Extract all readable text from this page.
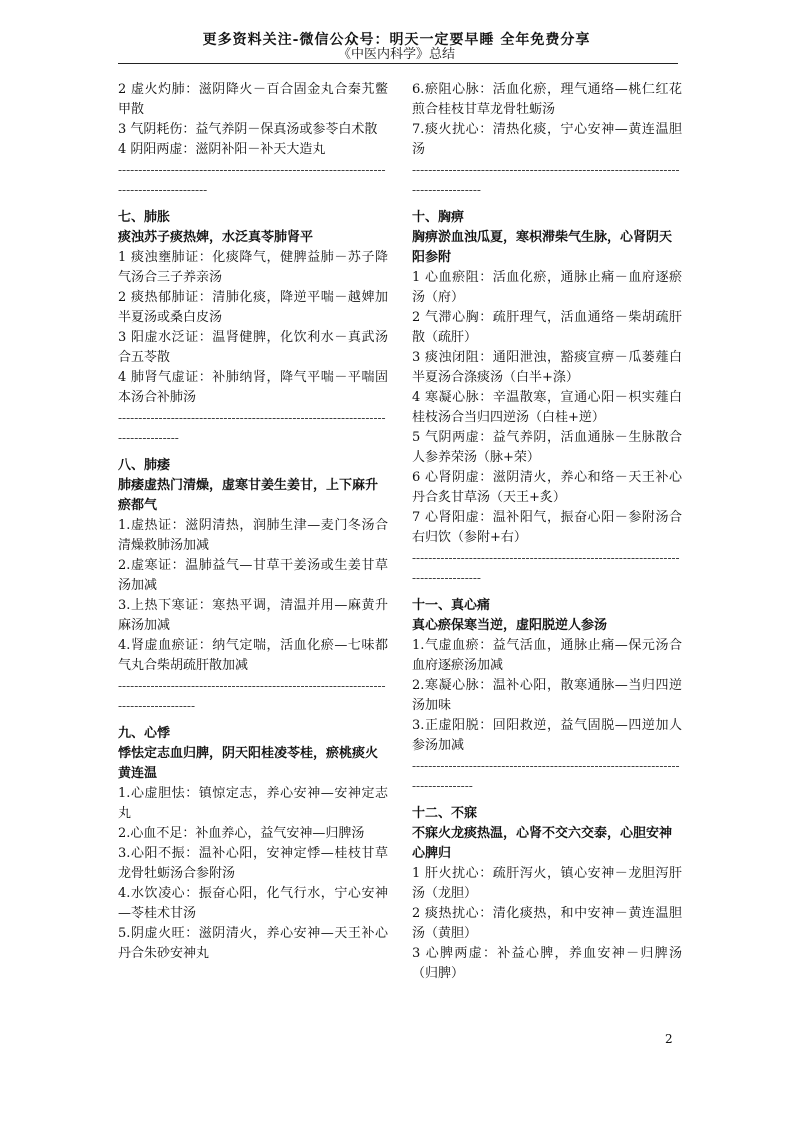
更多资料关注-微信公众号：明天一定要早睡 全年免费分享
《中医内科学》总结

2 虚火灼肺：滋阴降火－百合固金丸合秦艽鳖甲散

3 气阴耗伤：益气养阴－保真汤或参苓白术散

4 阴阳两虚：滋阴补阳－补天大造丸

----------------------------------------------------------------------------------------

七、肺胀

痰浊苏子痰热婢，水泛真苓肺肾平

1 痰浊壅肺证：化痰降气，健脾益肺－苏子降气汤合三子养亲汤

2 痰热郁肺证：清肺化痰，降逆平喘－越婢加半夏汤或桑白皮汤

3 阳虚水泛证：温肾健脾，化饮利水－真武汤合五苓散

4 肺肾气虚证：补肺纳肾，降气平喘－平喘固本汤合补肺汤

---------------------------------------------------------------------------------

八、肺痿

肺痿虚热门清燥，虚寒甘姜生姜甘，上下麻升瘀都气

1.虚热证：滋阴清热，润肺生津—麦门冬汤合清燥救肺汤加减

2.虚寒证：温肺益气—甘草干姜汤或生姜甘草汤加减

3.上热下寒证：寒热平调，清温并用—麻黄升麻汤加减

4.肾虚血瘀证：纳气定喘，活血化瘀—七味都气丸合柴胡疏肝散加减

-------------------------------------------------------------------------------------

九、心悸

悸怯定志血归脾，阴天阳桂凌苓桂，瘀桃痰火黄连温

1.心虚胆怯：镇惊定志，养心安神—安神定志丸

2.心血不足：补血养心，益气安神—归脾汤

3.心阳不振：温补心阳，安神定悸—桂枝甘草龙骨牡蛎汤合参附汤

4.水饮凌心：振奋心阳，化气行水，宁心安神—苓桂术甘汤

5.阴虚火旺：滋阴清火，养心安神—天王补心丹合朱砂安神丸

6.瘀阻心脉：活血化瘀，理气通络—桃仁红花煎合桂枝甘草龙骨牡蛎汤

7.痰火扰心：清热化痰，宁心安神—黄连温胆汤

-----------------------------------------------------------------------------------

十、胸痹

胸痹淤血浊瓜夏，寒枳滞柴气生脉，心肾阴天阳参附

1 心血瘀阻：活血化瘀，通脉止痛－血府逐瘀汤（府）

2 气滞心胸：疏肝理气，活血通络－柴胡疏肝散（疏肝）

3 痰浊闭阻：通阳泄浊，豁痰宣痹－瓜蒌薤白半夏汤合涤痰汤（白半+涤）

4 寒凝心脉：辛温散寒，宣通心阳－枳实薤白桂枝汤合当归四逆汤（白桂+逆）

5 气阴两虚：益气养阴，活血通脉－生脉散合人参养荣汤（脉+荣）

6 心肾阴虚：滋阴清火，养心和络－天王补心丹合炙甘草汤（天王+炙）

7 心肾阳虚：温补阳气，振奋心阳－参附汤合右归饮（参附+右）

-----------------------------------------------------------------------------------

十一、真心痛

真心瘀保寒当逆，虚阳脱逆人参汤

1.气虚血瘀：益气活血，通脉止痛—保元汤合血府逐瘀汤加减

2.寒凝心脉：温补心阳，散寒通脉—当归四逆汤加味

3.正虚阳脱：回阳救逆，益气固脱—四逆加人参汤加减

---------------------------------------------------------------------------------

十二、不寐

不寐火龙痰热温，心肾不交六交泰，心胆安神心脾归

1 肝火扰心：疏肝泻火，镇心安神－龙胆泻肝汤（龙胆）

2 痰热扰心：清化痰热，和中安神－黄连温胆汤（黄胆）

3 心脾两虚：补益心脾，养血安神－归脾汤（归脾）

2
